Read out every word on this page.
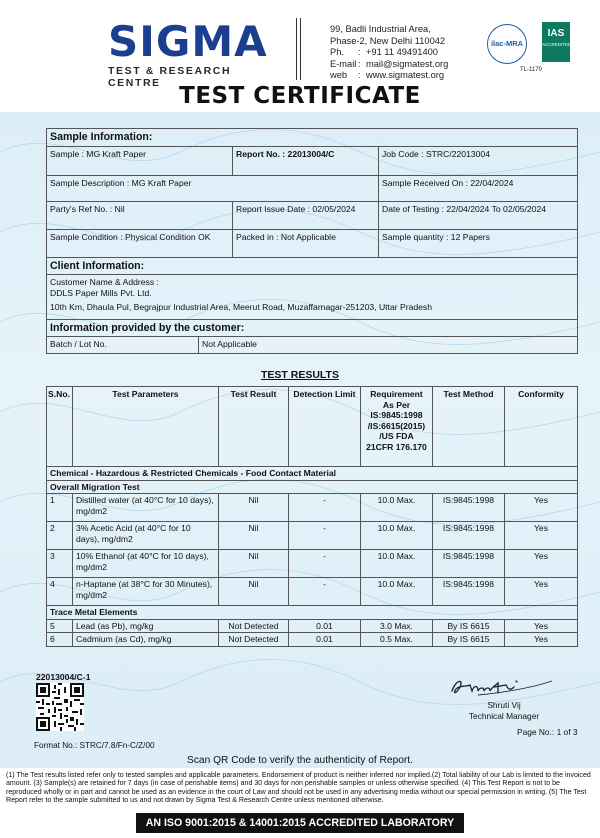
SIGMA
TEST & RESEARCH CENTRE
99, Badli Industrial Area,
Phase-2, New Delhi 110042
Ph.	: +91 11 49491400
E-mail : mail@sigmatest.org
web	: www.sigmatest.org
ilac-MRA
IAS
ACCREDITED
TL-1170
TEST CERTIFICATE
Sample Information:		
Sample : MG Kraft Paper	Report No. : 22013004/C	Job Code : STRC/22013004
Sample Description : MG Kraft Paper		Sample Received On : 22/04/2024
Party's Ref No. : Nil	Report Issue Date : 02/05/2024	Date of Testing : 22/04/2024 To 02/05/2024
Sample Condition : Physical Condition OK	Packed in : Not Applicable	Sample quantity : 12 Papers
Client Information:		
Customer Name & Address :		
DDLS Paper Mills Pvt. Ltd.		
10th Km, Dhaula Pul, Begrajpur Industrial Area, Meerut Road, Muzaffarnagar-251203, Uttar Pradesh		
Information provided by the customer:		
Batch / Lot No.	Not Applicable
TEST RESULTS
S.No.	Test Parameters	Test Result	Detection Limit	Requirement As Per IS:9845:1998 /IS:6615(2015) /US FDA 21CFR 176.170	Test Method	Conformity
Chemical - Hazardous & Restricted Chemicals - Food Contact Material						
Overall Migration Test						
1	Distilled water (at 40°C for 10 days), mg/dm2	Nil	-	10.0 Max.	IS:9845:1998	Yes
2	3% Acetic Acid (at 40°C for 10 days), mg/dm2	Nil	-	10.0 Max.	IS:9845:1998	Yes
3	10% Ethanol (at 40°C for 10 days), mg/dm2	Nil	-	10.0 Max.	IS:9845:1998	Yes
4	n-Haptane (at 38°C for 30 Minutes), mg/dm2	Nil	-	10.0 Max.	IS:9845:1998	Yes
Trace Metal Elements						
5	Lead (as Pb), mg/kg	Not Detected	0.01	3.0 Max.	By IS 6615	Yes
6	Cadmium (as Cd), mg/kg	Not Detected	0.01	0.5 Max.	By IS 6615	Yes
22013004/C-1
Format No.: STRC/7.8/Fn-C/Z/00
Shruti Vij
Technical Manager
Page No.: 1 of 3
Scan QR Code to verify the authenticity of Report.
(1) The Test results listed refer only to tested samples and applicable parameters. Endorsement of product is neither inferred nor implied.(2) Total liability of our Lab is limited to the invoiced amount. (3) Sample(s) are retained for 7 days (in case of perishable items) and 30 days for non perishable samples or unless otherwise specified. (4) This Test Report is not to be reproduced wholly or in part and cannot be used as an evidence in the court of Law and should not be used in any advertising media without our special permission in writing. (5) The Test Report refer to the sample submitted to us and not drawn by Sigma Test & Research Centre unless mentioned otherwise.
AN ISO 9001:2015 & 14001:2015 ACCREDITED LABORATORY
